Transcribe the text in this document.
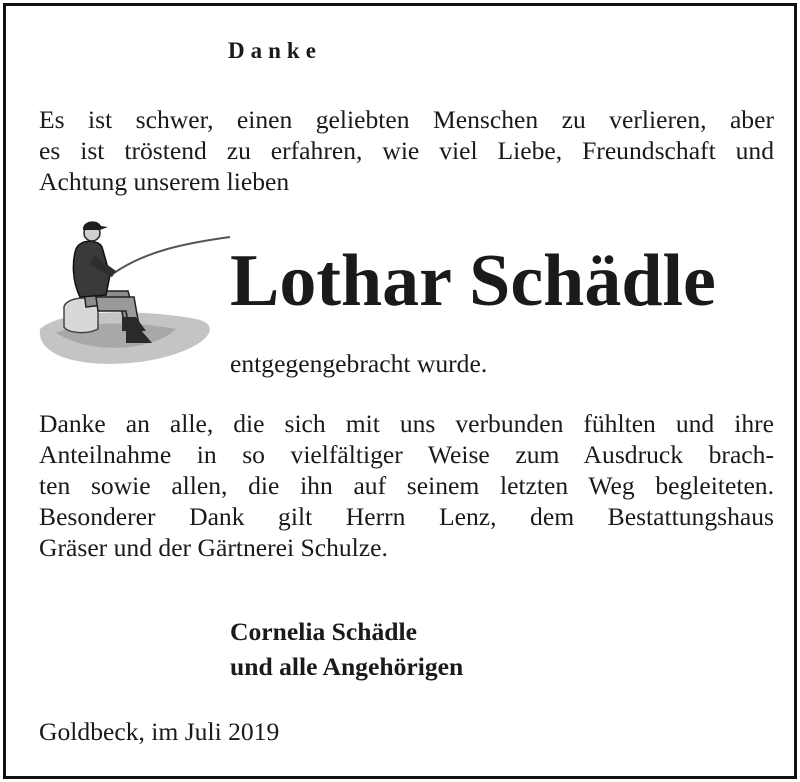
Danke
Es ist schwer, einen geliebten Menschen zu verlieren, aber
es ist tröstend zu erfahren, wie viel Liebe, Freundschaft und
Achtung unserem lieben
Lothar Schädle
entgegengebracht wurde.
Danke an alle, die sich mit uns verbunden fühlten und ihre
Anteilnahme in so vielfältiger Weise zum Ausdruck brach-
ten sowie allen, die ihn auf seinem letzten Weg begleiteten.
Besonderer Dank gilt Herrn Lenz, dem Bestattungshaus
Gräser und der Gärtnerei Schulze.
Cornelia Schädle
und alle Angehörigen
Goldbeck, im Juli 2019
